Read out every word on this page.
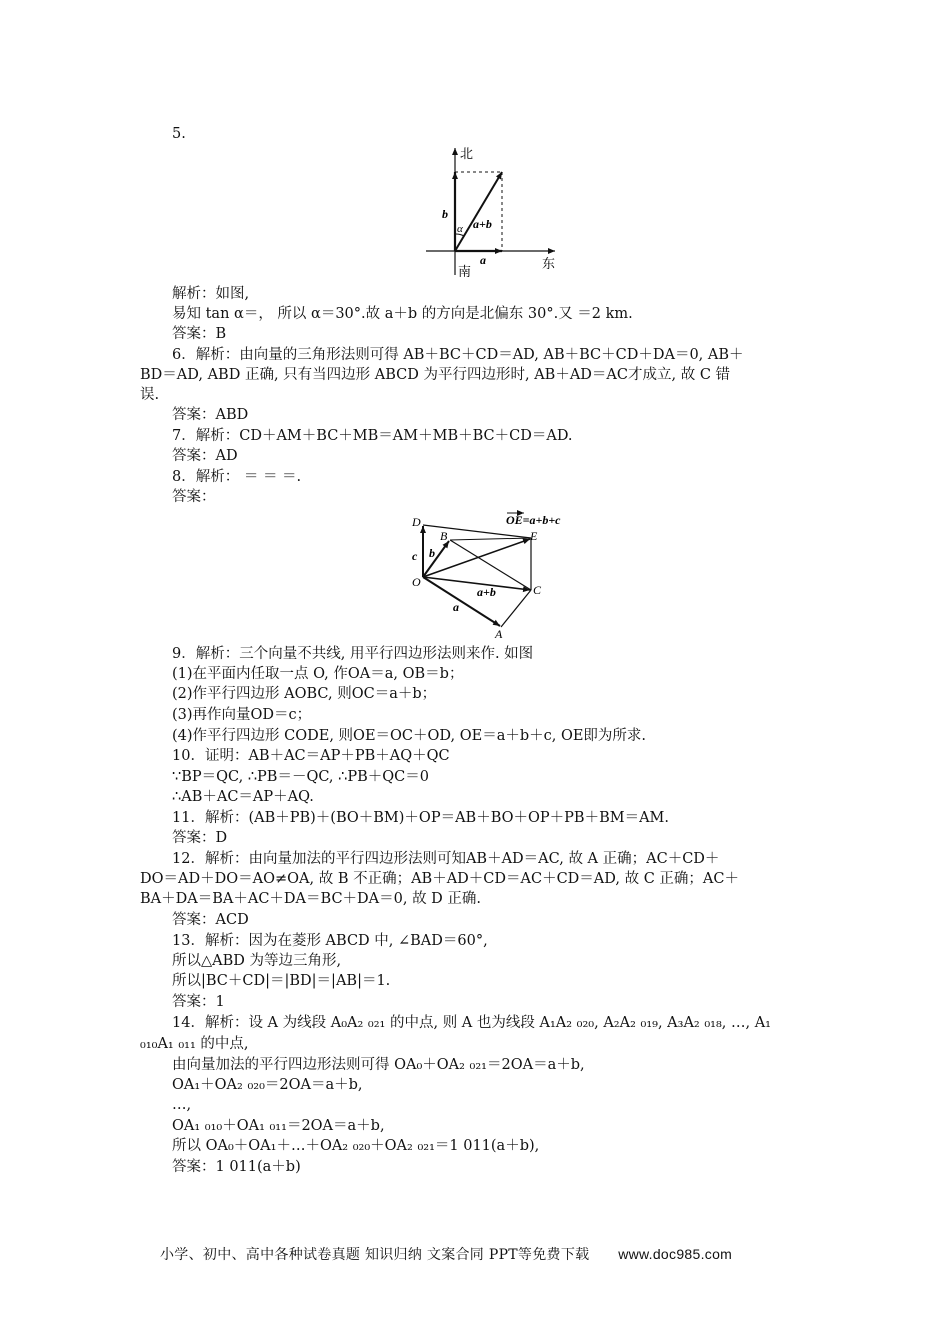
5.
北
南
东
b
a
a+b
α
解析：如图,
易知 tan α＝， 所以 α＝30°.故 a＋b 的方向是北偏东 30°.又 ＝2 km.
答案：B
6．解析：由向量的三角形法则可得 AB＋BC＋CD＝AD, AB＋BC＋CD＋DA＝0, AB＋
BD＝AD, ABD 正确, 只有当四边形 ABCD 为平行四边形时, AB＋AD＝AC才成立, 故 C 错
误.
答案：ABD
7．解析：CD＋AM＋BC＋MB＝AM＋MB＋BC＋CD＝AD.
答案：AD
8．解析： ＝ ＝ ＝.
答案：
D
B	E
O
C
A
c b
a
a+b
OE=a+b+c
9．解析：三个向量不共线, 用平行四边形法则来作. 如图
(1)在平面内任取一点 O, 作OA＝a, OB＝b；
(2)作平行四边形 AOBC, 则OC＝a＋b；
(3)再作向量OD＝c；
(4)作平行四边形 CODE, 则OE＝OC＋OD, OE＝a＋b＋c, OE即为所求.
10．证明：AB＋AC＝AP＋PB＋AQ＋QC
∵BP＝QC, ∴PB＝－QC, ∴PB＋QC＝0
∴AB＋AC＝AP＋AQ.
11．解析：(AB＋PB)＋(BO＋BM)＋OP＝AB＋BO＋OP＋PB＋BM＝AM.
答案：D
12．解析：由向量加法的平行四边形法则可知AB＋AD＝AC, 故 A 正确；AC＋CD＋
DO＝AD＋DO＝AO≠OA, 故 B 不正确；AB＋AD＋CD＝AC＋CD＝AD, 故 C 正确；AC＋
BA＋DA＝BA＋AC＋DA＝BC＋DA＝0, 故 D 正确.
答案：ACD
13．解析：因为在菱形 ABCD 中, ∠BAD＝60°,
所以△ABD 为等边三角形,
所以|BC＋CD|＝|BD|＝|AB|＝1.
答案：1
14．解析：设 A 为线段 A₀A₂ ₀₂₁ 的中点, 则 A 也为线段 A₁A₂ ₀₂₀, A₂A₂ ₀₁₉, A₃A₂ ₀₁₈, …, A₁
₀₁₀A₁ ₀₁₁ 的中点,
由向量加法的平行四边形法则可得 OA₀＋OA₂ ₀₂₁＝2OA＝a＋b,
OA₁＋OA₂ ₀₂₀＝2OA＝a＋b,
…,
OA₁ ₀₁₀＋OA₁ ₀₁₁＝2OA＝a＋b,
所以 OA₀＋OA₁＋…＋OA₂ ₀₂₀＋OA₂ ₀₂₁＝1 011(a＋b),
答案：1 011(a＋b)
小学、初中、高中各种试卷真题 知识归纳 文案合同 PPT等免费下载 www.doc985.com
